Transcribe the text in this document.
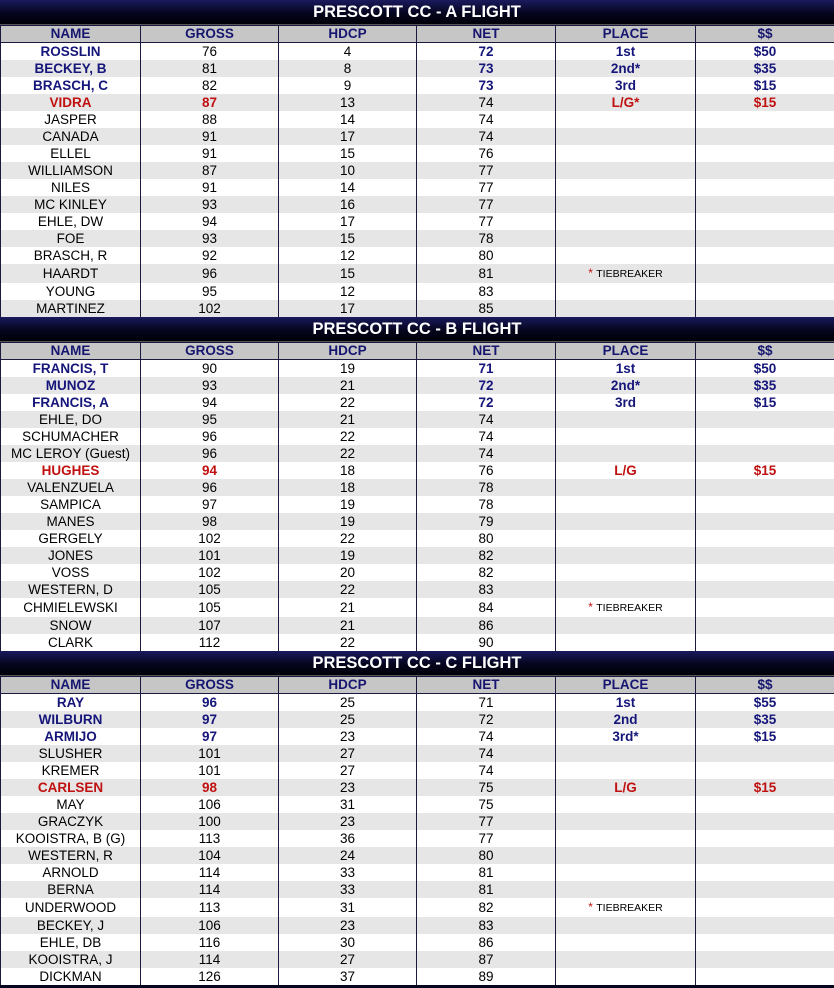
PRESCOTT CC - A FLIGHT
NAME	GROSS	HDCP	NET	PLACE	$$
ROSSLIN	76	4	72	1st	$50
BECKEY, B	81	8	73	2nd*	$35
BRASCH, C	82	9	73	3rd	$15
VIDRA	87	13	74	L/G*	$15
JASPER	88	14	74		
CANADA	91	17	74		
ELLEL	91	15	76		
WILLIAMSON	87	10	77		
NILES	91	14	77		
MC KINLEY	93	16	77		
EHLE, DW	94	17	77		
FOE	93	15	78		
BRASCH, R	92	12	80		
HAARDT	96	15	81	* TIEBREAKER	
YOUNG	95	12	83		
MARTINEZ	102	17	85		
PRESCOTT CC - B FLIGHT
NAME	GROSS	HDCP	NET	PLACE	$$
FRANCIS, T	90	19	71	1st	$50
MUNOZ	93	21	72	2nd*	$35
FRANCIS, A	94	22	72	3rd	$15
EHLE, DO	95	21	74		
SCHUMACHER	96	22	74		
MC LEROY (Guest)	96	22	74		
HUGHES	94	18	76	L/G	$15
VALENZUELA	96	18	78		
SAMPICA	97	19	78		
MANES	98	19	79		
GERGELY	102	22	80		
JONES	101	19	82		
VOSS	102	20	82		
WESTERN, D	105	22	83		
CHMIELEWSKI	105	21	84	* TIEBREAKER	
SNOW	107	21	86		
CLARK	112	22	90		
PRESCOTT CC - C FLIGHT
NAME	GROSS	HDCP	NET	PLACE	$$
RAY	96	25	71	1st	$55
WILBURN	97	25	72	2nd	$35
ARMIJO	97	23	74	3rd*	$15
SLUSHER	101	27	74		
KREMER	101	27	74		
CARLSEN	98	23	75	L/G	$15
MAY	106	31	75		
GRACZYK	100	23	77		
KOOISTRA, B (G)	113	36	77		
WESTERN, R	104	24	80		
ARNOLD	114	33	81		
BERNA	114	33	81		
UNDERWOOD	113	31	82	* TIEBREAKER	
BECKEY, J	106	23	83		
EHLE, DB	116	30	86		
KOOISTRA, J	114	27	87		
DICKMAN	126	37	89		
